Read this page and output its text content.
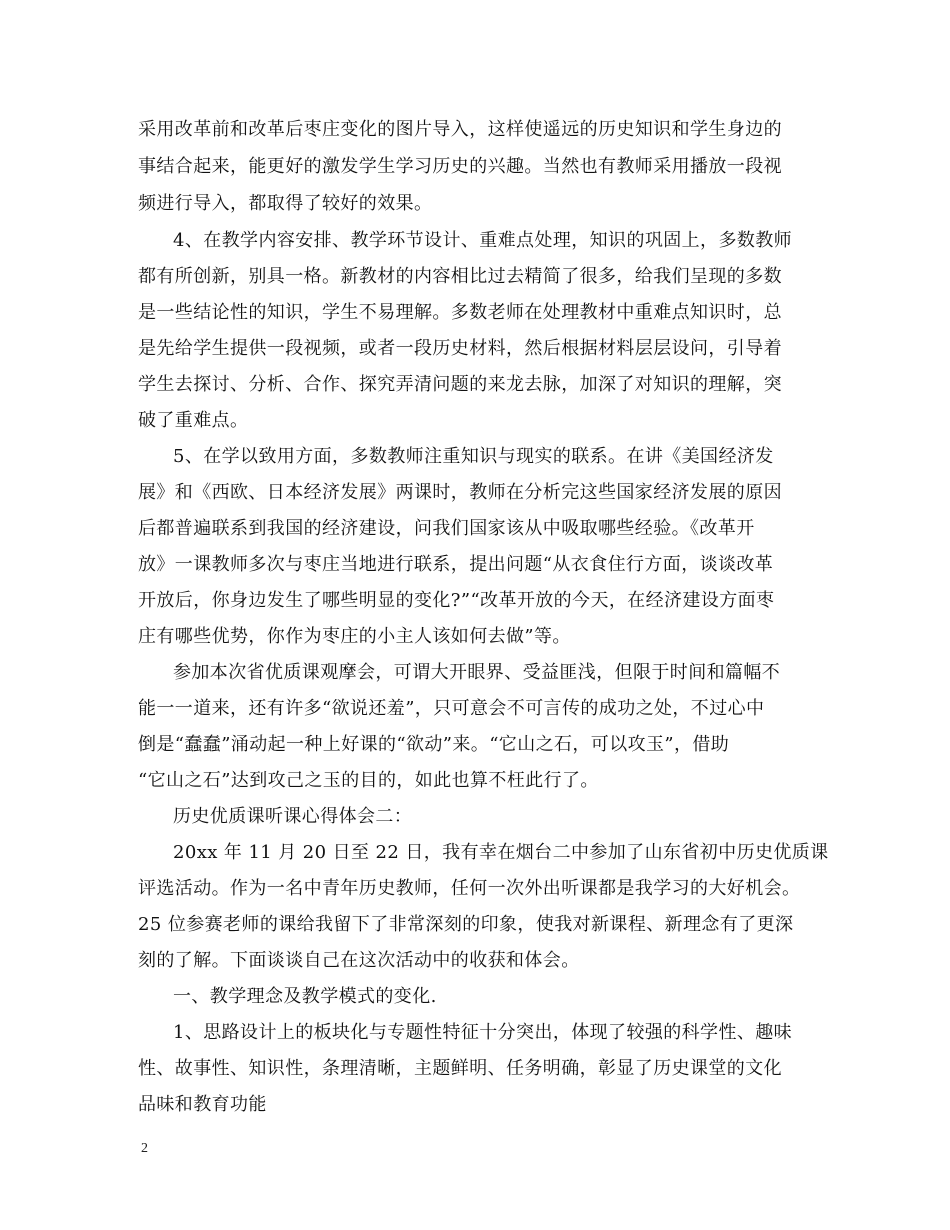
采用改革前和改革后枣庄变化的图片导入，这样使遥远的历史知识和学生身边的
事结合起来，能更好的激发学生学习历史的兴趣。当然也有教师采用播放一段视
频进行导入，都取得了较好的效果。
4、在教学内容安排、教学环节设计、重难点处理，知识的巩固上，多数教师
都有所创新，别具一格。新教材的内容相比过去精简了很多，给我们呈现的多数
是一些结论性的知识，学生不易理解。多数老师在处理教材中重难点知识时，总
是先给学生提供一段视频，或者一段历史材料，然后根据材料层层设问，引导着
学生去探讨、分析、合作、探究弄清问题的来龙去脉，加深了对知识的理解，突
破了重难点。
5、在学以致用方面，多数教师注重知识与现实的联系。在讲《美国经济发
展》和《西欧、日本经济发展》两课时，教师在分析完这些国家经济发展的原因
后都普遍联系到我国的经济建设，问我们国家该从中吸取哪些经验。《改革开
放》一课教师多次与枣庄当地进行联系，提出问题“从衣食住行方面，谈谈改革
开放后，你身边发生了哪些明显的变化?”“改革开放的今天，在经济建设方面枣
庄有哪些优势，你作为枣庄的小主人该如何去做”等。
参加本次省优质课观摩会，可谓大开眼界、受益匪浅，但限于时间和篇幅不
能一一道来，还有许多“欲说还羞”，只可意会不可言传的成功之处，不过心中
倒是“蠢蠢”涌动起一种上好课的“欲动”来。“它山之石，可以攻玉”，借助
“它山之石”达到攻己之玉的目的，如此也算不枉此行了。
历史优质课听课心得体会二：
20xx 年 11 月 20 日至 22 日，我有幸在烟台二中参加了山东省初中历史优质课
评选活动。作为一名中青年历史教师，任何一次外出听课都是我学习的大好机会。
25 位参赛老师的课给我留下了非常深刻的印象，使我对新课程、新理念有了更深
刻的了解。下面谈谈自己在这次活动中的收获和体会。
一、教学理念及教学模式的变化.
1、思路设计上的板块化与专题性特征十分突出，体现了较强的科学性、趣味
性、故事性、知识性，条理清晰，主题鲜明、任务明确，彰显了历史课堂的文化
品味和教育功能
2
